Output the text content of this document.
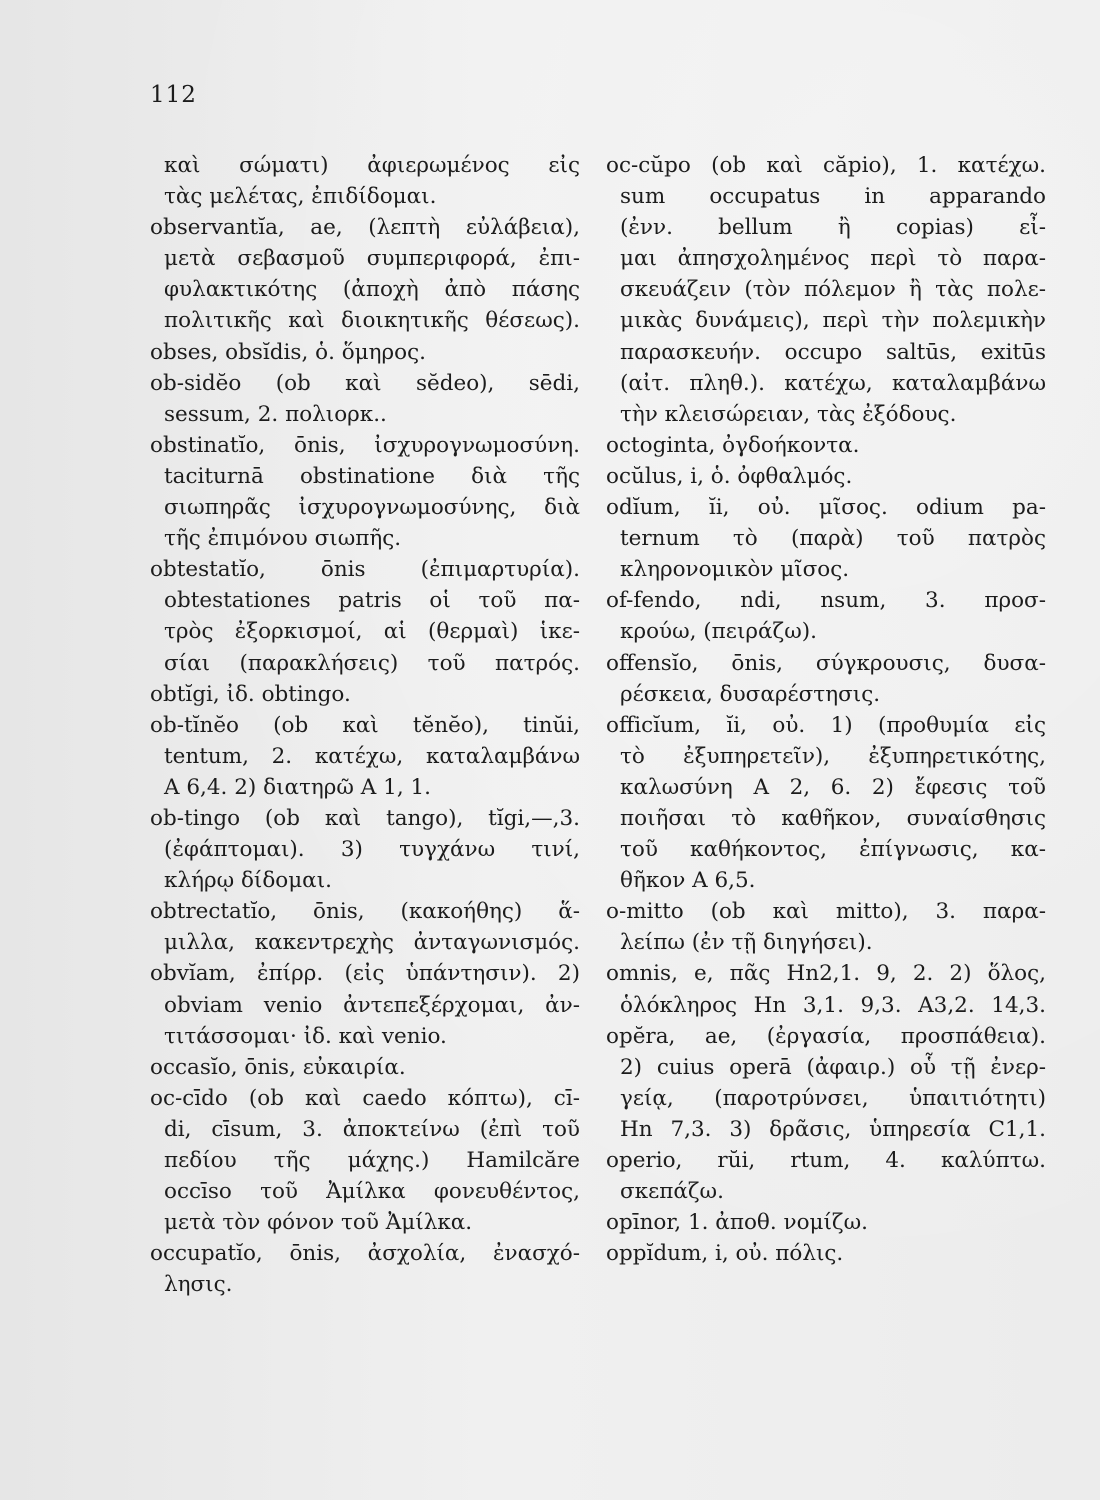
112
καὶ σώματι) ἀφιερωμένος εἰς
τὰς μελέτας, ἐπιδίδομαι.
observantĭa, ae, (λεπτὴ εὐλάβεια),
μετὰ σεβασμοῦ συμπεριφορά, ἐπι-
φυλακτικότης (ἀποχὴ ἀπὸ πάσης
πολιτικῆς καὶ διοικητικῆς θέσεως).
obses, obsĭdis, ὁ. ὅμηρος.
ob-sidĕo (ob καὶ sĕdeo), sēdi,
sessum, 2. πολιορκ..
obstinatĭo, ōnis, ἰσχυρογνωμοσύνη.
taciturnā obstinatione διὰ τῆς
σιωπηρᾶς ἰσχυρογνωμοσύνης, διὰ
τῆς ἐπιμόνου σιωπῆς.
obtestatĭo, ōnis (ἐπιμαρτυρία).
obtestationes patris οἱ τοῦ πα-
τρὸς ἐξορκισμοί, αἱ (θερμαὶ) ἱκε-
σίαι (παρακλήσεις) τοῦ πατρός.
obtĭgi, ἰδ. obtingo.
ob-tĭnĕo (ob καὶ tĕnĕo), tinŭi,
tentum, 2. κατέχω, καταλαμβάνω
A 6,4. 2) διατηρῶ A 1, 1.
ob-tingo (ob καὶ tango), tĭgi,—,3.
(ἐφάπτομαι). 3) τυγχάνω τινί,
κλήρῳ δίδομαι.
obtrectatĭo, ōnis, (κακοήθης) ἅ-
μιλλα, κακεντρεχὴς ἀνταγωνισμός.
obvĭam, ἐπίρρ. (εἰς ὑπάντησιν). 2)
obviam venio ἀντεπεξέρχομαι, ἀν-
τιτάσσομαι· ἰδ. καὶ venio.
occasĭo, ōnis, εὐκαιρία.
oc-cīdo (ob καὶ caedo κόπτω), cī-
di, cīsum, 3. ἀποκτείνω (ἐπὶ τοῦ
πεδίου τῆς μάχης.) Hamilcăre
occīso τοῦ Ἀμίλκα φονευθέντος,
μετὰ τὸν φόνον τοῦ Ἀμίλκα.
occupatĭo, ōnis, ἀσχολία, ἐνασχό-
λησις.
oc-cŭpo (ob καὶ căpio), 1. κατέχω.
sum occupatus in apparando
(ἐνν. bellum ἢ copias) εἶ-
μαι ἀπησχολημένος περὶ τὸ παρα-
σκευάζειν (τὸν πόλεμον ἢ τὰς πολε-
μικὰς δυνάμεις), περὶ τὴν πολεμικὴν
παρασκευήν. occupo saltūs, exitūs
(αἰτ. πληθ.). κατέχω, καταλαμβάνω
τὴν κλεισώρειαν, τὰς ἐξόδους.
octoginta, ὀγδοήκοντα.
ocŭlus, i, ὁ. ὀφθαλμός.
odĭum, ĭi, οὐ. μῖσος. odium pa-
ternum τὸ (παρὰ) τοῦ πατρὸς
κληρονομικὸν μῖσος.
of-fendo, ndi, nsum, 3. προσ-
κρούω, (πειράζω).
offensĭo, ōnis, σύγκρουσις, δυσα-
ρέσκεια, δυσαρέστησις.
officĭum, ĭi, οὐ. 1) (προθυμία εἰς
τὸ ἐξυπηρετεῖν), ἐξυπηρετικότης,
καλωσύνη A 2, 6. 2) ἔφεσις τοῦ
ποιῆσαι τὸ καθῆκον, συναίσθησις
τοῦ καθήκοντος, ἐπίγνωσις, κα-
θῆκον A 6,5.
o-mitto (ob καὶ mitto), 3. παρα-
λείπω (ἐν τῇ διηγήσει).
omnis, e, πᾶς Hn2,1. 9, 2. 2) ὅλος,
ὁλόκληρος Hn 3,1. 9,3. A3,2. 14,3.
opĕra, ae, (ἐργασία, προσπάθεια).
2) cuius operā (ἀφαιρ.) οὗ τῇ ἐνερ-
γείᾳ, (παροτρύνσει, ὑπαιτιότητι)
Hn 7,3. 3) δρᾶσις, ὑπηρεσία C1,1.
operio, rŭi, rtum, 4. καλύπτω.
σκεπάζω.
opīnor, 1. ἀποθ. νομίζω.
oppĭdum, i, οὐ. πόλις.
